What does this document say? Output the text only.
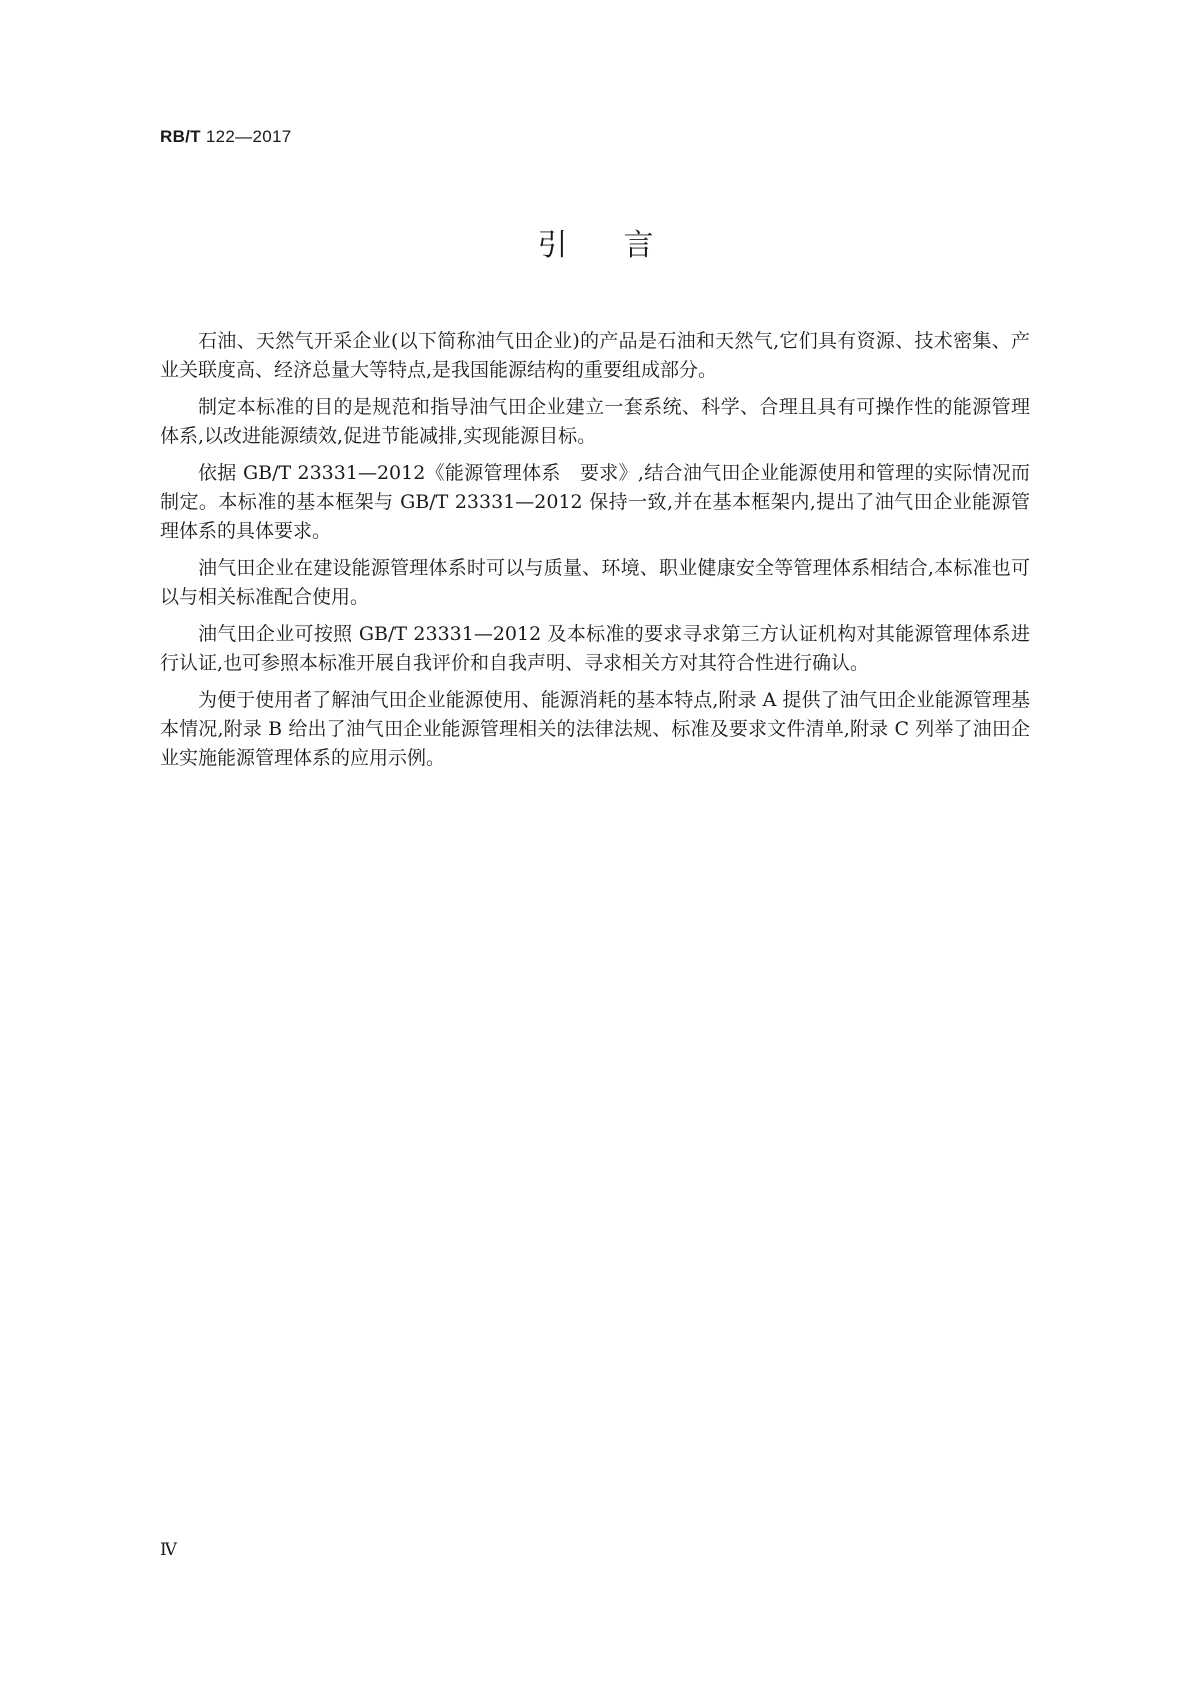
RB/T 122—2017
引言

石油、天然气开采企业(以下简称油气田企业)的产品是石油和天然气,它们具有资源、技术密集、产业关联度高、经济总量大等特点,是我国能源结构的重要组成部分。

制定本标准的目的是规范和指导油气田企业建立一套系统、科学、合理且具有可操作性的能源管理体系,以改进能源绩效,促进节能减排,实现能源目标。

依据 GB/T 23331—2012《能源管理体系　要求》,结合油气田企业能源使用和管理的实际情况而制定。本标准的基本框架与 GB/T 23331—2012 保持一致,并在基本框架内,提出了油气田企业能源管理体系的具体要求。

油气田企业在建设能源管理体系时可以与质量、环境、职业健康安全等管理体系相结合,本标准也可以与相关标准配合使用。

油气田企业可按照 GB/T 23331—2012 及本标准的要求寻求第三方认证机构对其能源管理体系进行认证,也可参照本标准开展自我评价和自我声明、寻求相关方对其符合性进行确认。

为便于使用者了解油气田企业能源使用、能源消耗的基本特点,附录 A 提供了油气田企业能源管理基本情况,附录 B 给出了油气田企业能源管理相关的法律法规、标准及要求文件清单,附录 C 列举了油田企业实施能源管理体系的应用示例。

Ⅳ
